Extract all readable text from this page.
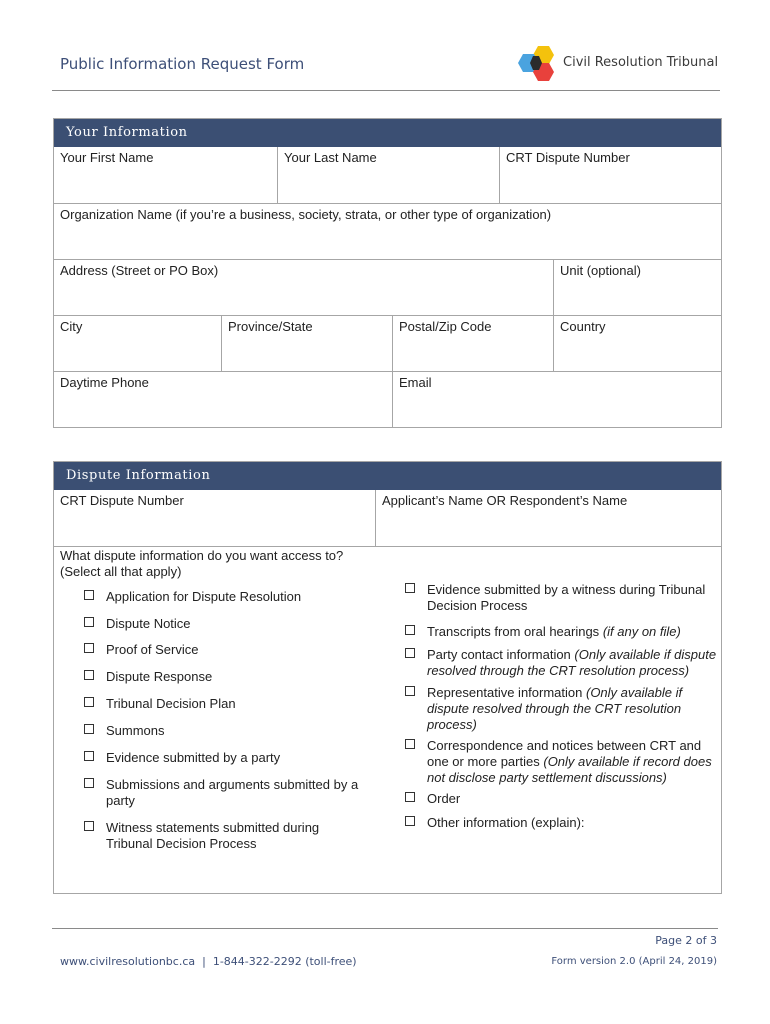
Public Information Request Form	Civil Resolution Tribunal
Your Information
Your First Name	Your Last Name	CRT Dispute Number
Organization Name (if you’re a business, society, strata, or other type of organization)
Address (Street or PO Box)	Unit (optional)
City	Province/State	Postal/Zip Code	Country
Daytime Phone	Email
Dispute Information
CRT Dispute Number	Applicant’s Name OR Respondent’s Name
What dispute information do you want access to?
(Select all that apply)
Application for Dispute Resolution
Dispute Notice
Proof of Service
Dispute Response
Tribunal Decision Plan
Summons
Evidence submitted by a party
Submissions and arguments submitted by a party
Witness statements submitted during Tribunal Decision Process
Evidence submitted by a witness during Tribunal Decision Process
Transcripts from oral hearings (if any on file)
Party contact information (Only available if dispute resolved through the CRT resolution process)
Representative information (Only available if dispute resolved through the CRT resolution process)
Correspondence and notices between CRT and one or more parties (Only available if record does not disclose party settlement discussions)
Order
Other information (explain):
Page 2 of 3
www.civilresolutionbc.ca  |  1-844-322-2292 (toll-free)	Form version 2.0 (April 24, 2019)
